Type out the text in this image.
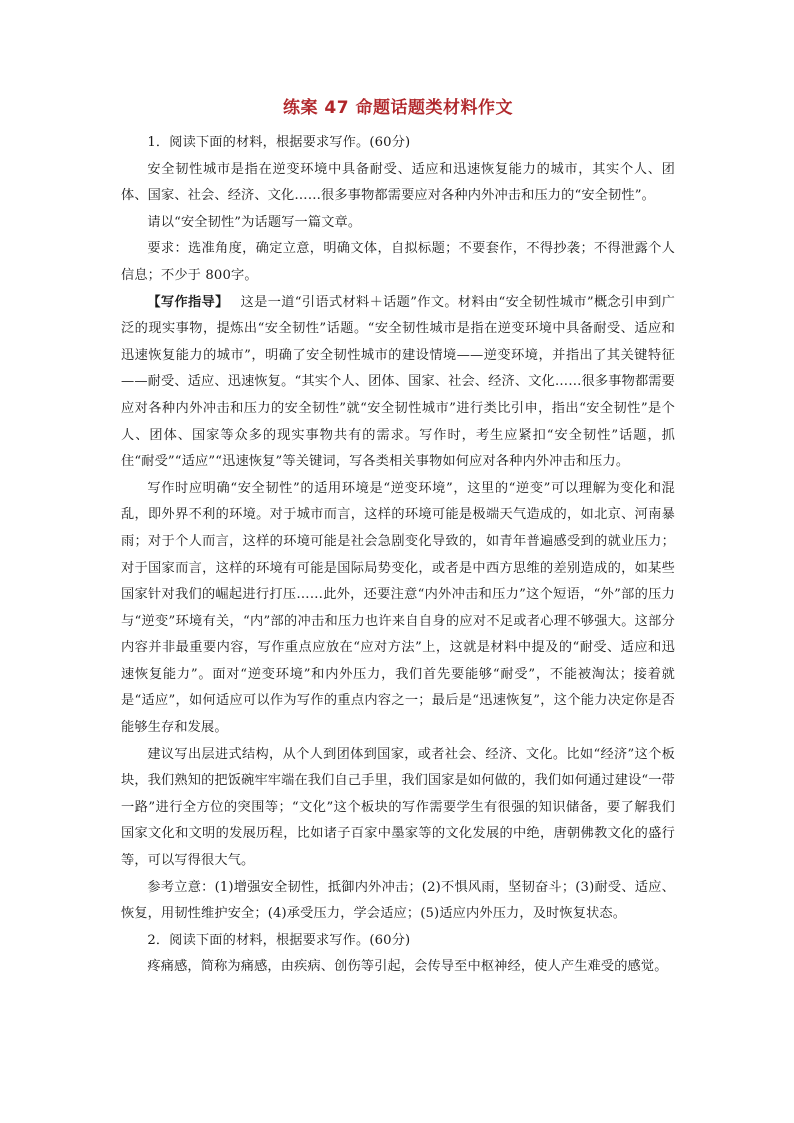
练案 47 命题话题类材料作文

1．阅读下面的材料，根据要求写作。(60分)

安全韧性城市是指在逆变环境中具备耐受、适应和迅速恢复能力的城市，其实个人、团体、国家、社会、经济、文化……很多事物都需要应对各种内外冲击和压力的“安全韧性”。

请以“安全韧性”为话题写一篇文章。

要求：选准角度，确定立意，明确文体，自拟标题；不要套作，不得抄袭；不得泄露个人信息；不少于 800字。

【写作指导】 这是一道“引语式材料＋话题”作文。材料由“安全韧性城市”概念引申到广泛的现实事物，提炼出“安全韧性”话题。“安全韧性城市是指在逆变环境中具备耐受、适应和迅速恢复能力的城市”，明确了安全韧性城市的建设情境——逆变环境，并指出了其关键特征——耐受、适应、迅速恢复。“其实个人、团体、国家、社会、经济、文化……很多事物都需要应对各种内外冲击和压力的安全韧性”就“安全韧性城市”进行类比引申，指出“安全韧性”是个人、团体、国家等众多的现实事物共有的需求。写作时，考生应紧扣“安全韧性”话题，抓住“耐受”“适应”“迅速恢复”等关键词，写各类相关事物如何应对各种内外冲击和压力。

写作时应明确“安全韧性”的适用环境是“逆变环境”，这里的“逆变”可以理解为变化和混乱，即外界不利的环境。对于城市而言，这样的环境可能是极端天气造成的，如北京、河南暴雨；对于个人而言，这样的环境可能是社会急剧变化导致的，如青年普遍感受到的就业压力；对于国家而言，这样的环境有可能是国际局势变化，或者是中西方思维的差别造成的，如某些国家针对我们的崛起进行打压……此外，还要注意“内外冲击和压力”这个短语，“外”部的压力与“逆变”环境有关，“内”部的冲击和压力也许来自自身的应对不足或者心理不够强大。这部分内容并非最重要内容，写作重点应放在“应对方法”上，这就是材料中提及的“耐受、适应和迅速恢复能力”。面对“逆变环境”和内外压力，我们首先要能够“耐受”，不能被淘汰；接着就是“适应”，如何适应可以作为写作的重点内容之一；最后是“迅速恢复”，这个能力决定你是否能够生存和发展。

建议写出层进式结构，从个人到团体到国家，或者社会、经济、文化。比如“经济”这个板块，我们熟知的把饭碗牢牢端在我们自己手里，我们国家是如何做的，我们如何通过建设“一带一路”进行全方位的突围等；“文化”这个板块的写作需要学生有很强的知识储备，要了解我们国家文化和文明的发展历程，比如诸子百家中墨家等的文化发展的中绝，唐朝佛教文化的盛行等，可以写得很大气。

参考立意：(1)增强安全韧性，抵御内外冲击；(2)不惧风雨，坚韧奋斗；(3)耐受、适应、恢复，用韧性维护安全；(4)承受压力，学会适应；(5)适应内外压力，及时恢复状态。

2．阅读下面的材料，根据要求写作。(60分)

疼痛感，简称为痛感，由疾病、创伤等引起，会传导至中枢神经，使人产生难受的感觉。
